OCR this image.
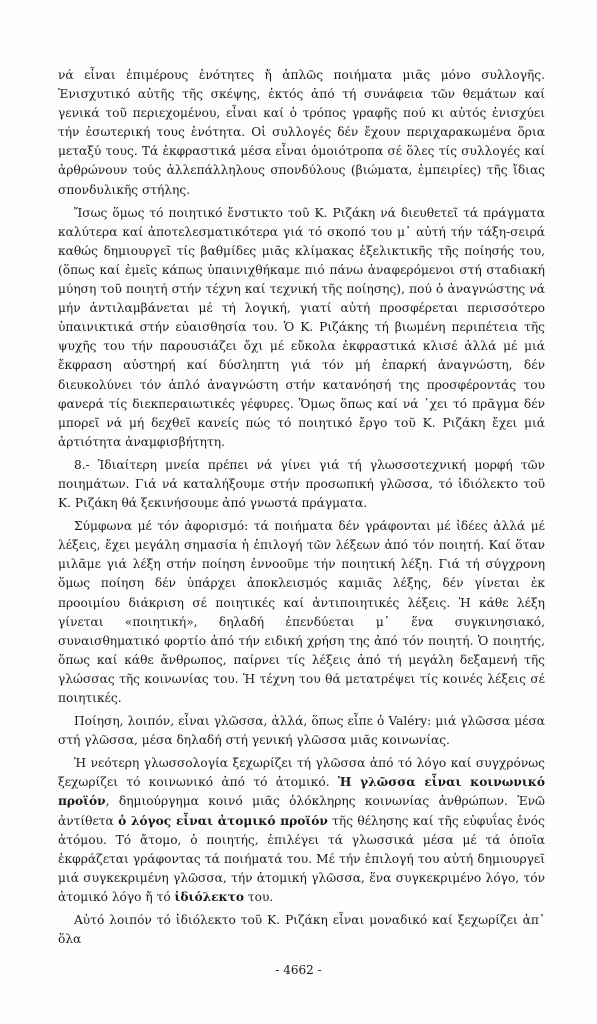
νά εἶναι ἐπιμέρους ἑνότητες ἤ ἁπλῶς ποιήματα μιᾶς μόνο συλλογῆς. Ἐνισχυτικό αὐτῆς τῆς σκέψης, ἐκτός ἀπό τή συνάφεια τῶν θεμάτων καί γενικά τοῦ περιεχομένου, εἶναι καί ὁ τρόπος γραφῆς πού κι αὐτός ἐνισχύει τήν ἐσωτερική τους ἑνότητα. Οἱ συλλογές δέν ἔχουν περιχαρακωμένα ὅρια μεταξύ τους. Τά ἐκφραστικά μέσα εἶναι ὁμοιότροπα σέ ὅλες τίς συλλογές καί ἀρθρώνουν τούς ἀλλεπάλληλους σπονδύλους (βιώματα, ἐμπειρίες) τῆς ἴδιας σπονδυλικῆς στήλης.

Ἴσως ὅμως τό ποιητικό ἔνστικτο τοῦ Κ. Ριζάκη νά διευθετεῖ τά πράγματα καλύτερα καί ἀποτελεσματικότερα γιά τό σκοπό του μ᾽ αὐτή τήν τάξη-σειρά καθώς δημιουργεῖ τίς βαθμίδες μιᾶς κλίμακας ἐξελικτικῆς τῆς ποίησής του, (ὅπως καί ἐμεῖς κάπως ὑπαινιχθήκαμε πιό πάνω ἀναφερόμενοι στή σταδιακή μύηση τοῦ ποιητή στήν τέχνη καί τεχνική τῆς ποίησης), πού ὁ ἀναγνώστης νά μήν ἀντιλαμβάνεται μέ τή λογική, γιατί αὐτή προσφέρεται περισσότερο ὑπαινικτικά στήν εὐαισθησία του. Ὁ Κ. Ριζάκης τή βιωμένη περιπέτεια τῆς ψυχῆς του τήν παρουσιάζει ὄχι μέ εὔκολα ἐκφραστικά κλισέ ἀλλά μέ μιά ἔκφραση αὐστηρή καί δύσληπτη γιά τόν μή ἐπαρκή ἀναγνώστη, δέν διευκολύνει τόν ἁπλό ἀναγνώστη στήν κατανόησή της προσφέροντάς του φανερά τίς διεκπεραιωτικές γέφυρες. Ὅμως ὅπως καί νά ᾽χει τό πρᾶγμα δέν μπορεῖ νά μή δεχθεῖ κανείς πώς τό ποιητικό ἔργο τοῦ Κ. Ριζάκη ἔχει μιά ἀρτιότητα ἀναμφισβήτητη.

8.- Ἰδιαίτερη μνεία πρέπει νά γίνει γιά τή γλωσσοτεχνική μορφή τῶν ποιημάτων. Γιά νά καταλήξουμε στήν προσωπική γλῶσσα, τό ἰδιόλεκτο τοῦ Κ. Ριζάκη θά ξεκινήσουμε ἀπό γνωστά πράγματα.

Σύμφωνα μέ τόν ἀφορισμό: τά ποιήματα δέν γράφονται μέ ἰδέες ἀλλά μέ λέξεις, ἔχει μεγάλη σημασία ἡ ἐπιλογή τῶν λέξεων ἀπό τόν ποιητή. Καί ὅταν μιλᾶμε γιά λέξη στήν ποίηση ἐννοοῦμε τήν ποιητική λέξη. Γιά τή σύγχρονη ὅμως ποίηση δέν ὑπάρχει ἀποκλεισμός καμιᾶς λέξης, δέν γίνεται ἐκ προοιμίου διάκριση σέ ποιητικές καί ἀντιποιητικές λέξεις. Ἡ κάθε λέξη γίνεται «ποιητική», δηλαδή ἐπενδύεται μ᾽ ἕνα συγκινησιακό, συναισθηματικό φορτίο ἀπό τήν ειδική χρήση της ἀπό τόν ποιητή. Ὁ ποιητής, ὅπως καί κάθε ἄνθρωπος, παίρνει τίς λέξεις ἀπό τή μεγάλη δεξαμενή τῆς γλώσσας τῆς κοινωνίας του. Ἡ τέχνη του θά μετατρέψει τίς κοινές λέξεις σέ ποιητικές.

Ποίηση, λοιπόν, εἶναι γλῶσσα, ἀλλά, ὅπως εἶπε ὁ Valéry: μιά γλῶσσα μέσα στή γλῶσσα, μέσα δηλαδή στή γενική γλῶσσα μιᾶς κοινωνίας.

Ἡ νεότερη γλωσσολογία ξεχωρίζει τή γλῶσσα ἀπό τό λόγο καί συγχρόνως ξεχωρίζει τό κοινωνικό ἀπό τό ἀτομικό. Ἡ γλῶσσα εἶναι κοινωνικό προϊόν, δημιούργημα κοινό μιᾶς ὁλόκληρης κοινωνίας ἀνθρώπων. Ἐνῶ ἀντίθετα ὁ λόγος εἶναι ἀτομικό προϊόν τῆς θέλησης καί τῆς εὐφυΐας ἑνός ἀτόμου. Τό ἄτομο, ὁ ποιητής, ἐπιλέγει τά γλωσσικά μέσα μέ τά ὁποῖα ἐκφράζεται γράφοντας τά ποιήματά του. Μέ τήν ἐπιλογή του αὐτή δημιουργεῖ μιά συγκεκριμένη γλῶσσα, τήν ἀτομική γλῶσσα, ἕνα συγκεκριμένο λόγο, τόν ἀτομικό λόγο ἤ τό ἰδιόλεκτο του.

Αὐτό λοιπόν τό ἰδιόλεκτο τοῦ Κ. Ριζάκη εἶναι μοναδικό καί ξεχωρίζει ἀπ᾽ ὅλα

- 4662 -
